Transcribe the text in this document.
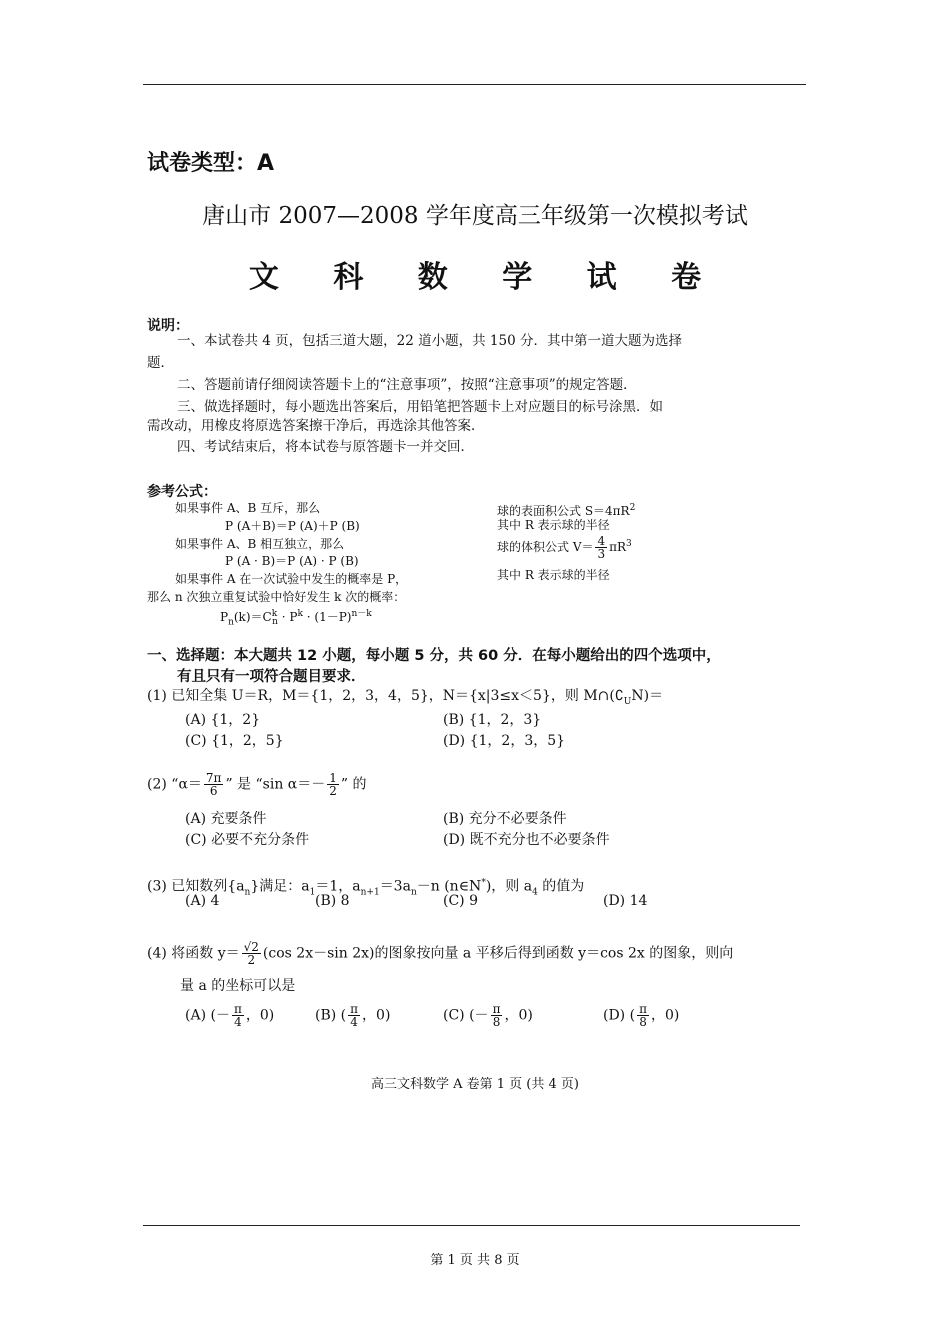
试卷类型：A
唐山市 2007—2008 学年度高三年级第一次模拟考试
文 科 数 学 试 卷
说明：
一、本试卷共 4 页，包括三道大题，22 道小题，共 150 分．其中第一道大题为选择
题．
二、答题前请仔细阅读答题卡上的“注意事项”，按照“注意事项”的规定答题．
三、做选择题时，每小题选出答案后，用铅笔把答题卡上对应题目的标号涂黑．如
需改动，用橡皮将原选答案擦干净后，再选涂其他答案．
四、考试结束后，将本试卷与原答题卡一并交回．
参考公式：
如果事件 A、B 互斥，那么
P (A＋B)＝P (A)＋P (B)
如果事件 A、B 相互独立，那么
P (A · B)＝P (A) · P (B)
如果事件 A 在一次试验中发生的概率是 P，
那么 n 次独立重复试验中恰好发生 k 次的概率：
$P_n(k)=C^k_n \cdot P^k \cdot (1-P)^{n-k}$
球的表面积公式 $S=4\pi R^2$
其中 R 表示球的半径
球的体积公式 $V= \frac{4}{3} \pi R^3$
其中 R 表示球的半径
一、选择题：本大题共 12 小题，每小题 5 分，共 60 分．在每小题给出的四个选项中，
有且只有一项符合题目要求．
(1) 已知全集 U＝R，M＝{1，2，3，4，5}，N＝{x|3≤x＜5}，则 $M\cap(∁_UN)=$
(A) {1，2}	(B) {1，2，3}
(C) {1，2，5}	(D) {1，2，3，5}
(2) “$\alpha= \frac{7\pi}{6}$ ” 是 “sin $\alpha=- \frac{1}{2}$ ” 的
(A) 充要条件	(B) 充分不必要条件
(C) 必要不充分条件	(D) 既不充分也不必要条件
(3) 已知数列$\{a_n\}$满足：$a_1=1$，$a_{n+1}=3a_n-n$ (n∈N*)，则 $a_4$ 的值为
(A) 4	(B) 8	(C) 9	(D) 14
(4) 将函数 $y= \frac{√2}{2} (\cos$ 2x－sin 2x)的图象按向量 a 平移后得到函数 y＝cos 2x 的图象，则向
量 a 的坐标可以是
(A) (－ $\frac{\pi}{4}$ ，0)	(B) ( $\frac{\pi}{4}$ ，0)	(C) (－ $\frac{\pi}{8}$ ，0)	(D) ( $\frac{\pi}{8}$ ，0)
高三文科数学 A 卷第 1 页 (共 4 页)
第 1 页 共 8 页
